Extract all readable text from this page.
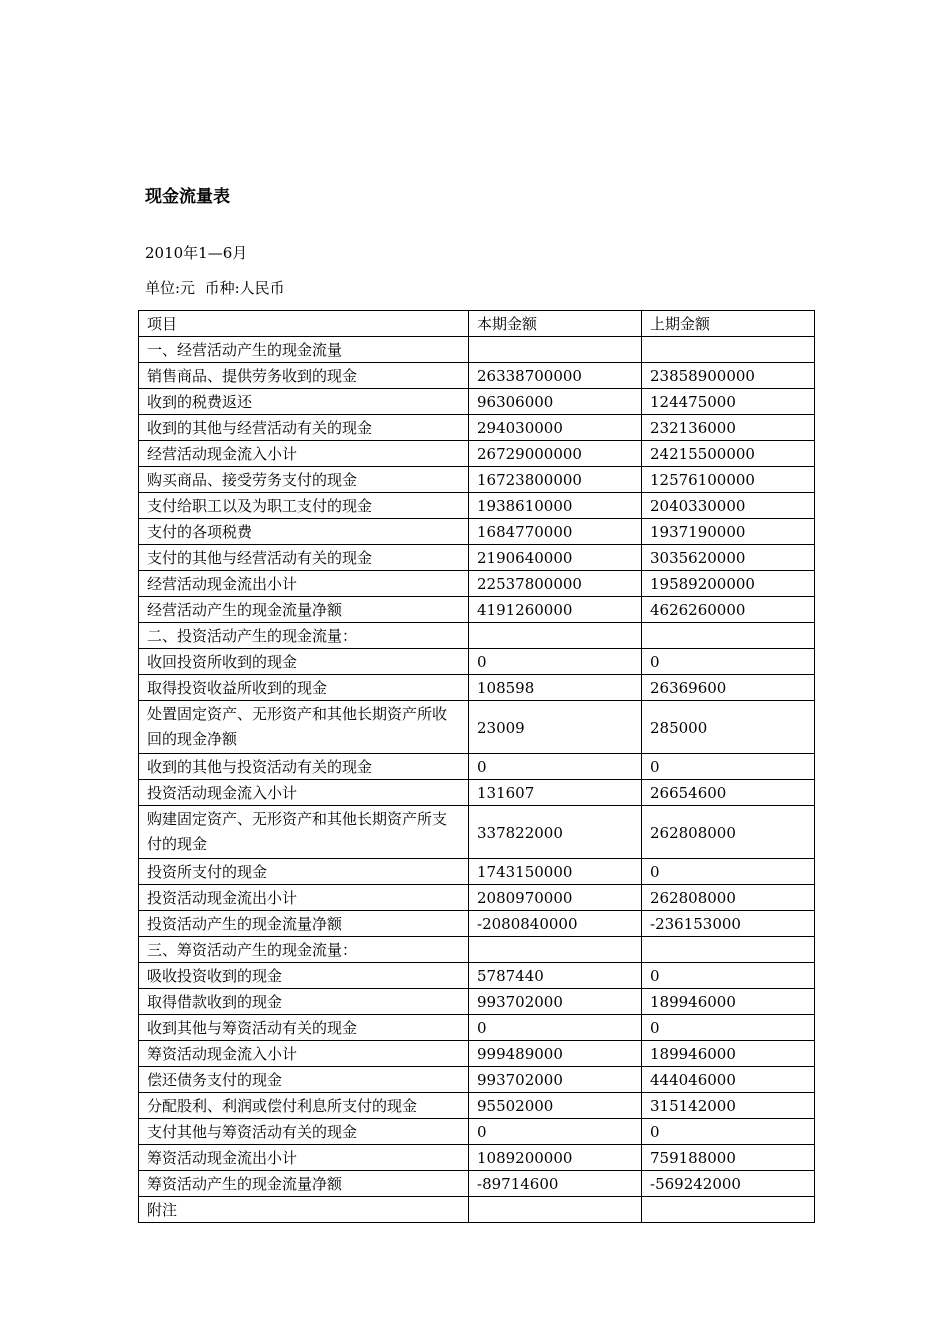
现金流量表
2010年1—6月
单位:元  币种:人民币
项目	本期金额	上期金额
一、经营活动产生的现金流量		
销售商品、提供劳务收到的现金	26338700000	23858900000
收到的税费返还	96306000	124475000
收到的其他与经营活动有关的现金	294030000	232136000
经营活动现金流入小计	26729000000	24215500000
购买商品、接受劳务支付的现金	16723800000	12576100000
支付给职工以及为职工支付的现金	1938610000	2040330000
支付的各项税费	1684770000	1937190000
支付的其他与经营活动有关的现金	2190640000	3035620000
经营活动现金流出小计	22537800000	19589200000
经营活动产生的现金流量净额	4191260000	4626260000
二、投资活动产生的现金流量：		
收回投资所收到的现金	0	0
取得投资收益所收到的现金	108598	26369600
处置固定资产、无形资产和其他长期资产所收回的现金净额	23009	285000
收到的其他与投资活动有关的现金	0	0
投资活动现金流入小计	131607	26654600
购建固定资产、无形资产和其他长期资产所支付的现金	337822000	262808000
投资所支付的现金	1743150000	0
投资活动现金流出小计	2080970000	262808000
投资活动产生的现金流量净额	-2080840000	-236153000
三、筹资活动产生的现金流量：		
吸收投资收到的现金	5787440	0
取得借款收到的现金	993702000	189946000
收到其他与筹资活动有关的现金	0	0
筹资活动现金流入小计	999489000	189946000
偿还债务支付的现金	993702000	444046000
分配股利、利润或偿付利息所支付的现金	95502000	315142000
支付其他与筹资活动有关的现金	0	0
筹资活动现金流出小计	1089200000	759188000
筹资活动产生的现金流量净额	-89714600	-569242000
附注		
